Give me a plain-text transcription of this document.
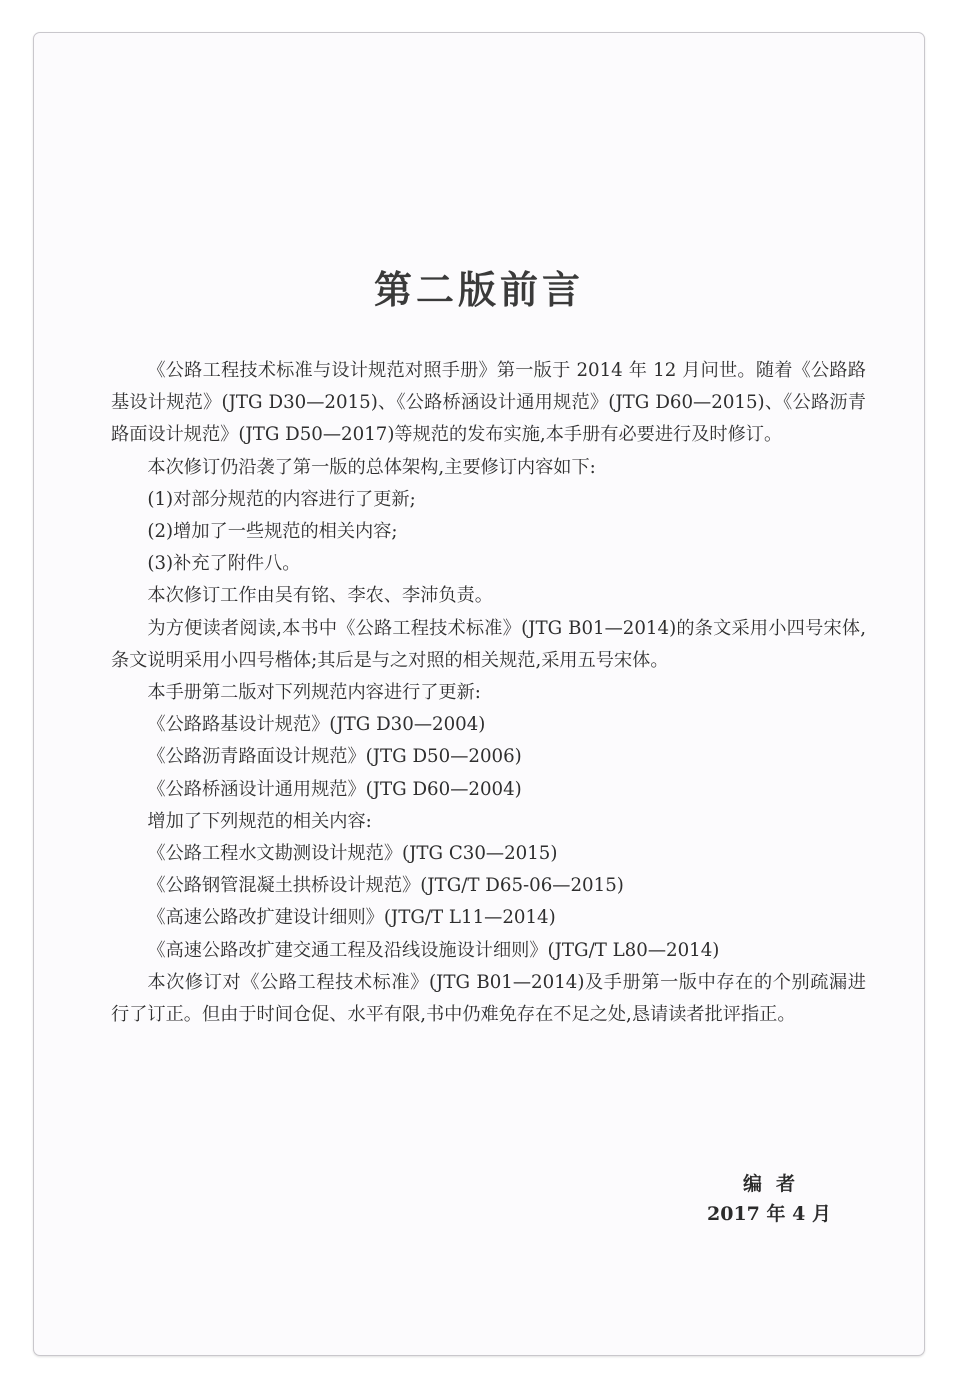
第二版前言

《公路工程技术标准与设计规范对照手册》第一版于 2014 年 12 月问世。随着《公路路基设计规范》(JTG D30—2015)、《公路桥涵设计通用规范》(JTG D60—2015)、《公路沥青路面设计规范》(JTG D50—2017)等规范的发布实施,本手册有必要进行及时修订。

本次修订仍沿袭了第一版的总体架构,主要修订内容如下:

(1)对部分规范的内容进行了更新;

(2)增加了一些规范的相关内容;

(3)补充了附件八。

本次修订工作由吴有铭、李农、李沛负责。

为方便读者阅读,本书中《公路工程技术标准》(JTG B01—2014)的条文采用小四号宋体,条文说明采用小四号楷体;其后是与之对照的相关规范,采用五号宋体。

本手册第二版对下列规范内容进行了更新:

《公路路基设计规范》(JTG D30—2004)

《公路沥青路面设计规范》(JTG D50—2006)

《公路桥涵设计通用规范》(JTG D60—2004)

增加了下列规范的相关内容:

《公路工程水文勘测设计规范》(JTG C30—2015)

《公路钢管混凝土拱桥设计规范》(JTG/T D65-06—2015)

《高速公路改扩建设计细则》(JTG/T L11—2014)

《高速公路改扩建交通工程及沿线设施设计细则》(JTG/T L80—2014)

本次修订对《公路工程技术标准》(JTG B01—2014)及手册第一版中存在的个别疏漏进行了订正。但由于时间仓促、水平有限,书中仍难免存在不足之处,恳请读者批评指正。

编者
2017 年 4 月
